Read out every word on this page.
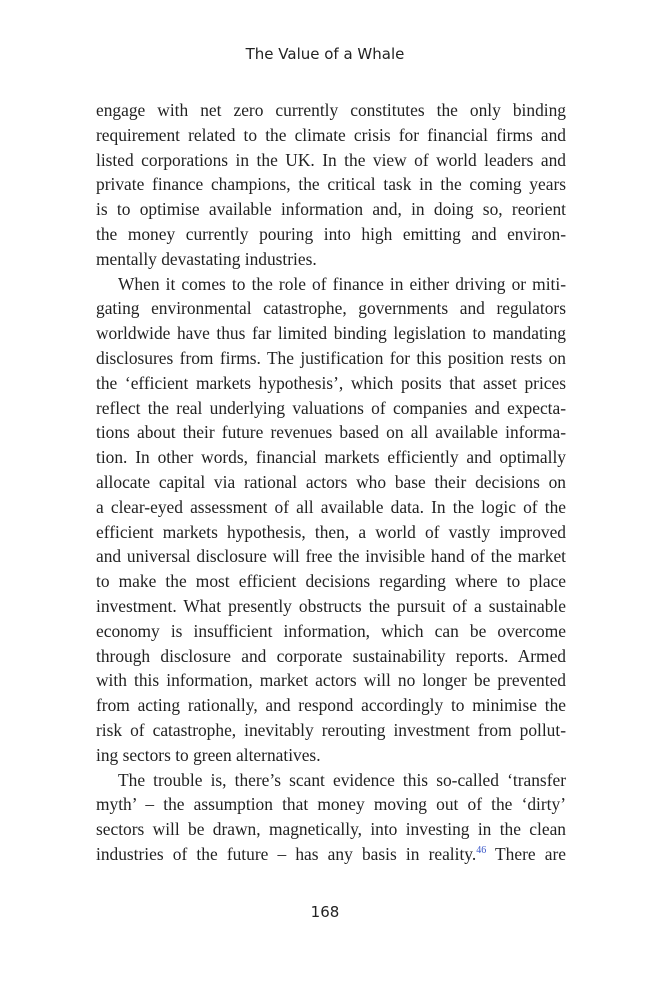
The Value of a Whale
engage with net zero currently constitutes the only binding
requirement related to the climate crisis for financial firms and
listed corporations in the UK. In the view of world leaders and
private finance champions, the critical task in the coming years
is to optimise available information and, in doing so, reorient
the money currently pouring into high emitting and environ-
mentally devastating industries.
When it comes to the role of finance in either driving or miti-
gating environmental catastrophe, governments and regulators
worldwide have thus far limited binding legislation to mandating
disclosures from firms. The justification for this position rests on
the ‘efficient markets hypothesis’, which posits that asset prices
reflect the real underlying valuations of companies and expecta-
tions about their future revenues based on all available informa-
tion. In other words, financial markets efficiently and optimally
allocate capital via rational actors who base their decisions on
a clear-eyed assessment of all available data. In the logic of the
efficient markets hypothesis, then, a world of vastly improved
and universal disclosure will free the invisible hand of the market
to make the most efficient decisions regarding where to place
investment. What presently obstructs the pursuit of a sustainable
economy is insufficient information, which can be overcome
through disclosure and corporate sustainability reports. Armed
with this information, market actors will no longer be prevented
from acting rationally, and respond accordingly to minimise the
risk of catastrophe, inevitably rerouting investment from pollut-
ing sectors to green alternatives.
The trouble is, there’s scant evidence this so-called ‘transfer
myth’ – the assumption that money moving out of the ‘dirty’
sectors will be drawn, magnetically, into investing in the clean
industries of the future – has any basis in reality.$^{46}$ There are
168
